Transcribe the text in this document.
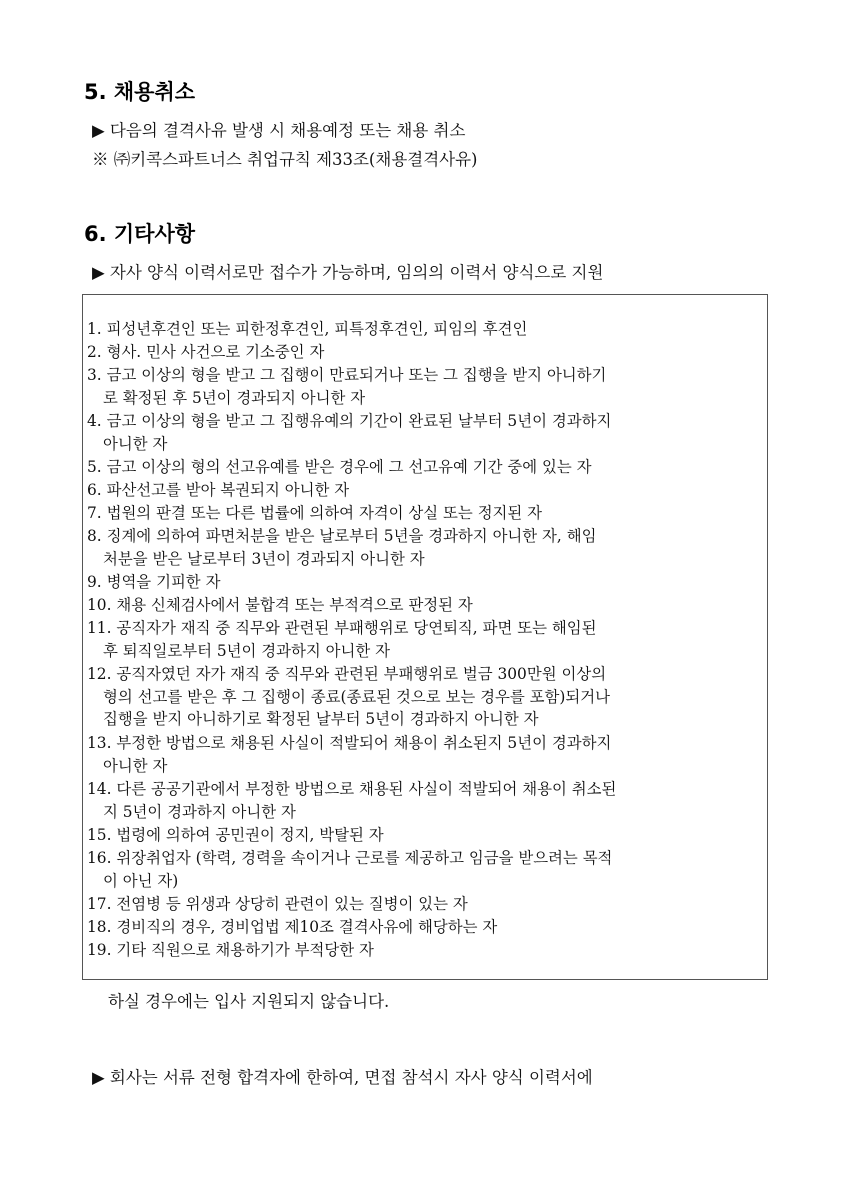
5. 채용취소
▶ 다음의 결격사유 발생 시 채용예정 또는 채용 취소
※ ㈜키콕스파트너스 취업규칙 제33조(채용결격사유)
6. 기타사항
▶ 자사 양식 이력서로만 접수가 가능하며, 임의의 이력서 양식으로 지원
1. 피성년후견인 또는 피한정후견인, 피특정후견인, 피임의 후견인
2. 형사. 민사 사건으로 기소중인 자
3. 금고 이상의 형을 받고 그 집행이 만료되거나 또는 그 집행을 받지 아니하기
로 확정된 후 5년이 경과되지 아니한 자
4. 금고 이상의 형을 받고 그 집행유예의 기간이 완료된 날부터 5년이 경과하지
아니한 자
5. 금고 이상의 형의 선고유예를 받은 경우에 그 선고유예 기간 중에 있는 자
6. 파산선고를 받아 복권되지 아니한 자
7. 법원의 판결 또는 다른 법률에 의하여 자격이 상실 또는 정지된 자
8. 징계에 의하여 파면처분을 받은 날로부터 5년을 경과하지 아니한 자, 해임
처분을 받은 날로부터 3년이 경과되지 아니한 자
9. 병역을 기피한 자
10. 채용 신체검사에서 불합격 또는 부적격으로 판정된 자
11. 공직자가 재직 중 직무와 관련된 부패행위로 당연퇴직, 파면 또는 해임된
후 퇴직일로부터 5년이 경과하지 아니한 자
12. 공직자였던 자가 재직 중 직무와 관련된 부패행위로 벌금 300만원 이상의
형의 선고를 받은 후 그 집행이 종료(종료된 것으로 보는 경우를 포함)되거나
집행을 받지 아니하기로 확정된 날부터 5년이 경과하지 아니한 자
13. 부정한 방법으로 채용된 사실이 적발되어 채용이 취소된지 5년이 경과하지
아니한 자
14. 다른 공공기관에서 부정한 방법으로 채용된 사실이 적발되어 채용이 취소된
지 5년이 경과하지 아니한 자
15. 법령에 의하여 공민권이 정지, 박탈된 자
16. 위장취업자 (학력, 경력을 속이거나 근로를 제공하고 임금을 받으려는 목적
이 아닌 자)
17. 전염병 등 위생과 상당히 관련이 있는 질병이 있는 자
18. 경비직의 경우, 경비업법 제10조 결격사유에 해당하는 자
19. 기타 직원으로 채용하기가 부적당한 자
하실 경우에는 입사 지원되지 않습니다.
▶ 회사는 서류 전형 합격자에 한하여, 면접 참석시 자사 양식 이력서에
